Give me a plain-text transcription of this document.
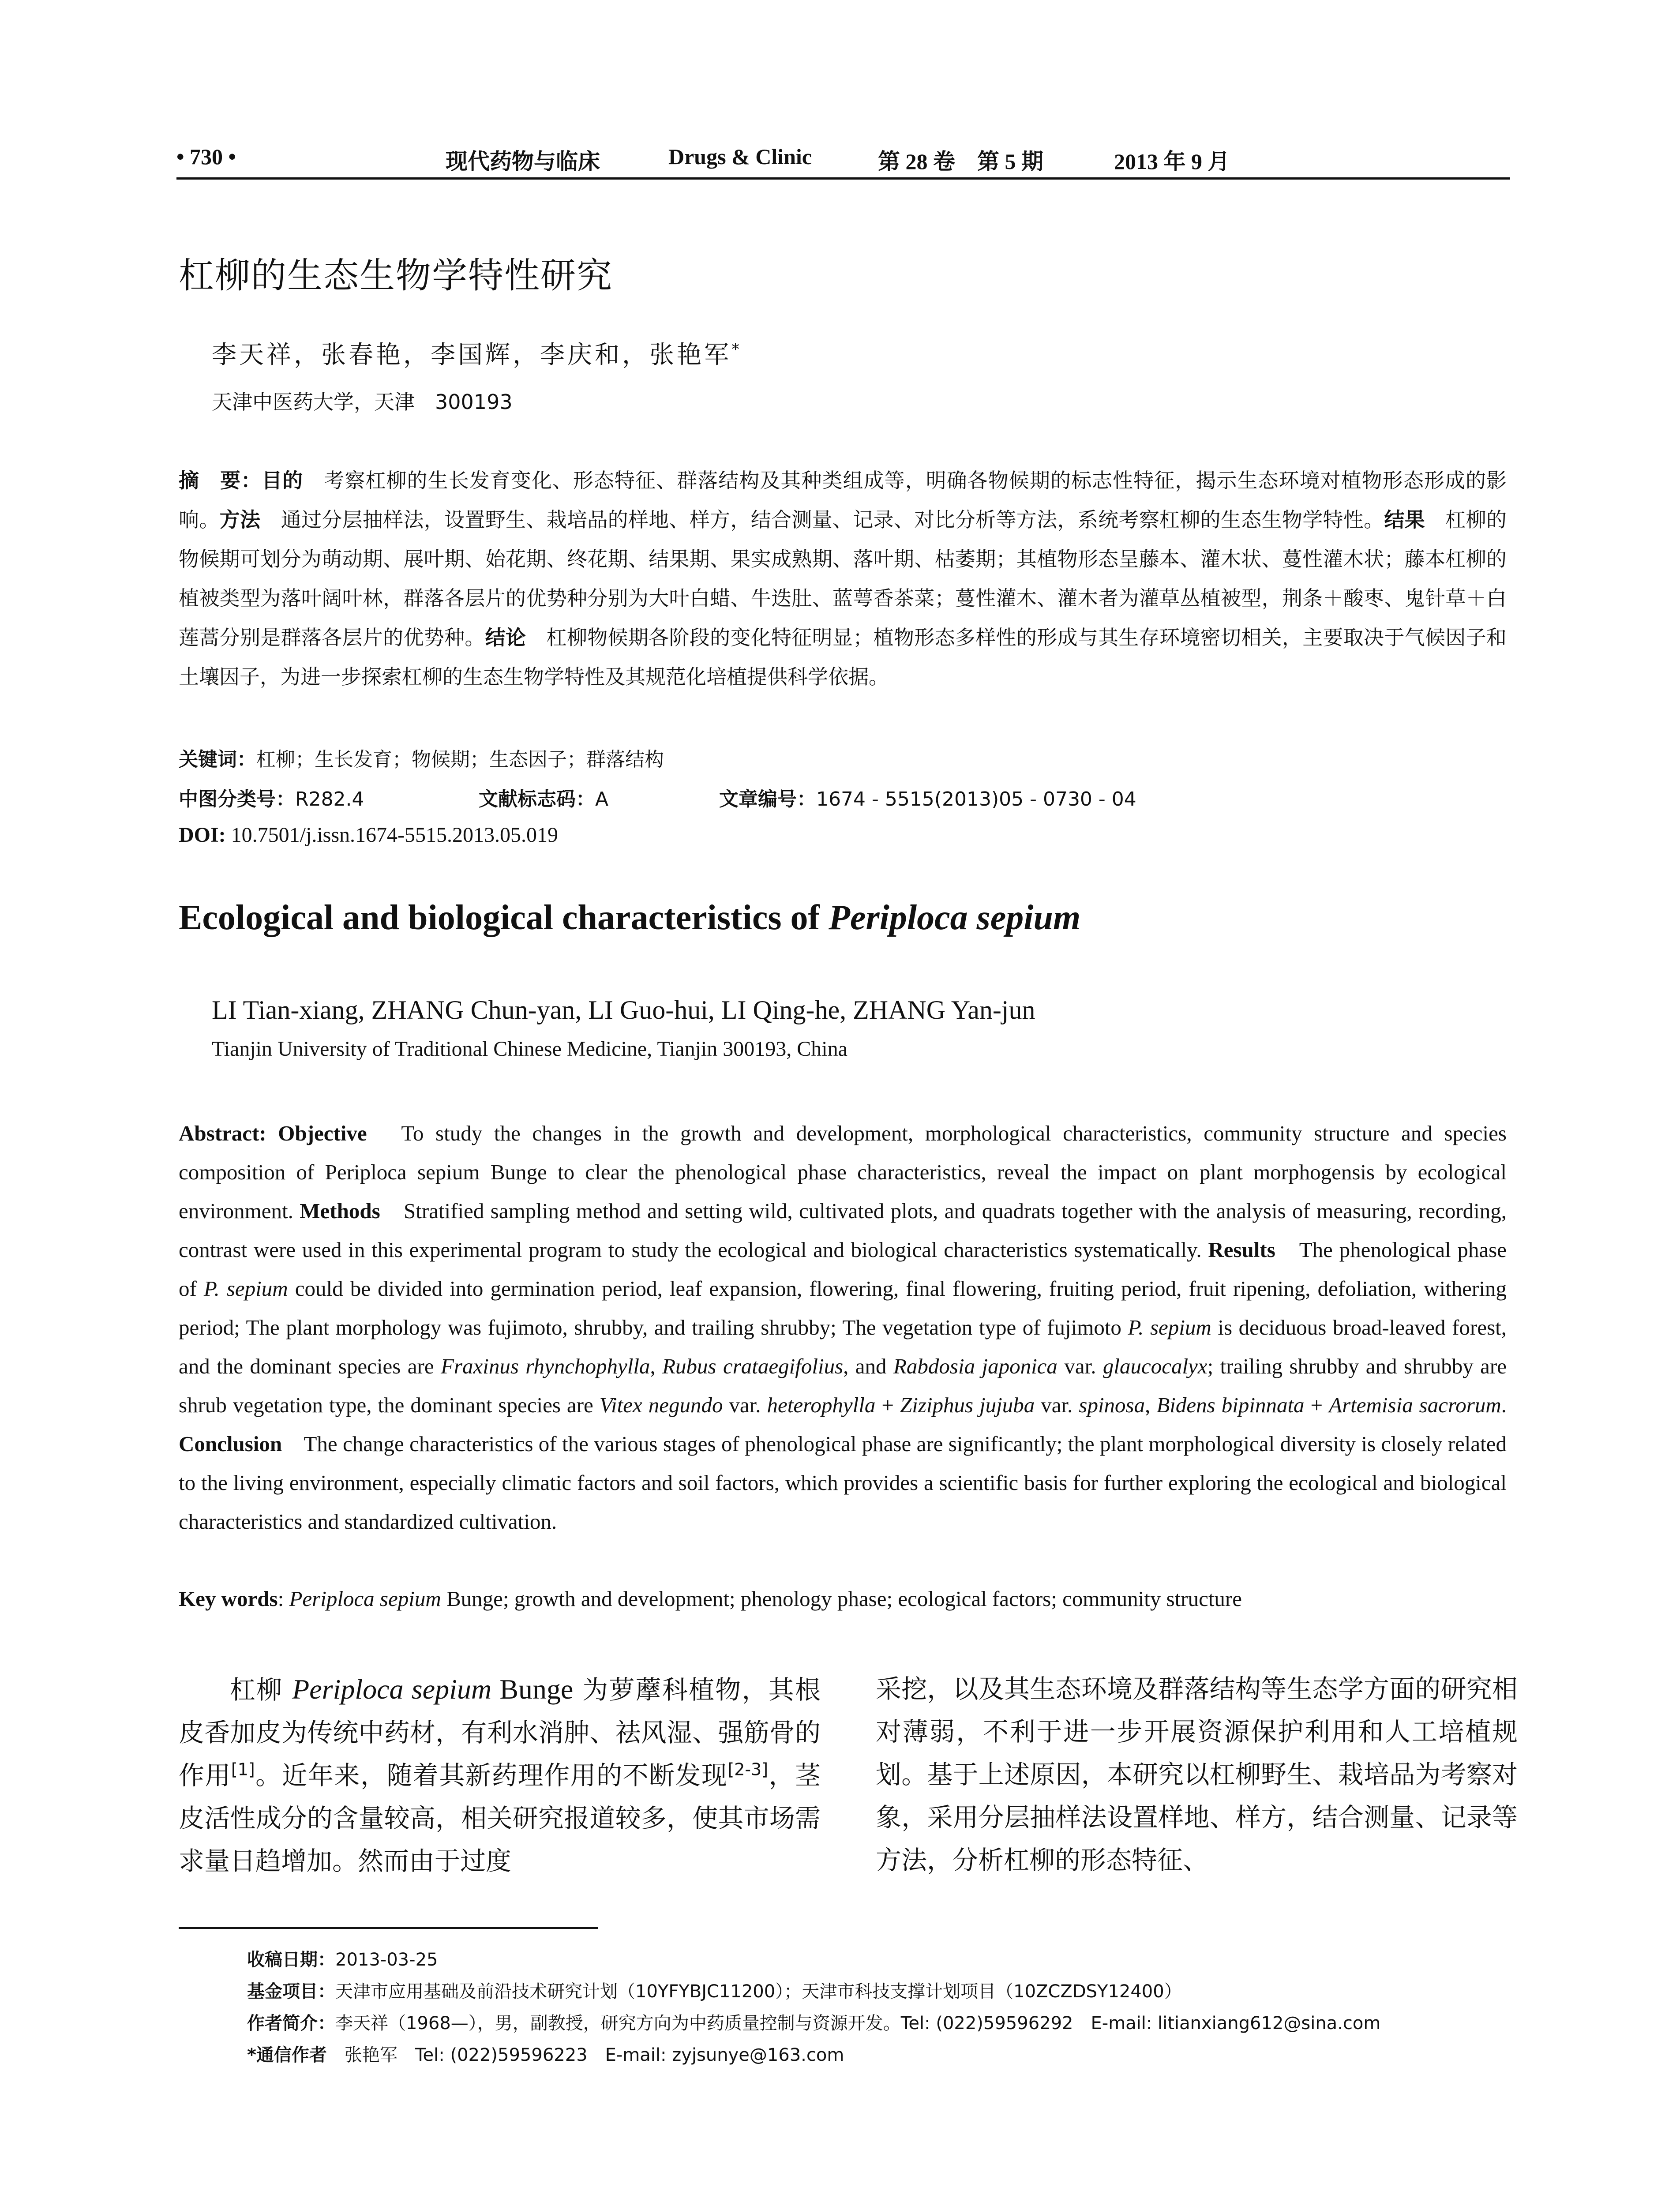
• 730 •	现代药物与临床	Drugs & Clinic	第 28 卷　第 5 期	2013 年 9 月
杠柳的生态生物学特性研究
李天祥，张春艳，李国辉，李庆和，张艳军*
天津中医药大学，天津　300193
摘　要：目的　考察杠柳的生长发育变化、形态特征、群落结构及其种类组成等，明确各物候期的标志性特征，揭示生态环境对植物形态形成的影响。方法　通过分层抽样法，设置野生、栽培品的样地、样方，结合测量、记录、对比分析等方法，系统考察杠柳的生态生物学特性。结果　杠柳的物候期可划分为萌动期、展叶期、始花期、终花期、结果期、果实成熟期、落叶期、枯萎期；其植物形态呈藤本、灌木状、蔓性灌木状；藤本杠柳的植被类型为落叶阔叶林，群落各层片的优势种分别为大叶白蜡、牛迭肚、蓝萼香茶菜；蔓性灌木、灌木者为灌草丛植被型，荆条＋酸枣、鬼针草＋白莲蒿分别是群落各层片的优势种。结论　杠柳物候期各阶段的变化特征明显；植物形态多样性的形成与其生存环境密切相关，主要取决于气候因子和土壤因子，为进一步探索杠柳的生态生物学特性及其规范化培植提供科学依据。
关键词：杠柳；生长发育；物候期；生态因子；群落结构
中图分类号：R282.4	文献标志码：A	文章编号：1674 - 5515(2013)05 - 0730 - 04
DOI: 10.7501/j.issn.1674-5515.2013.05.019
Ecological and biological characteristics of Periploca sepium
LI Tian-xiang, ZHANG Chun-yan, LI Guo-hui, LI Qing-he, ZHANG Yan-jun
Tianjin University of Traditional Chinese Medicine, Tianjin 300193, China
Abstract: Objective　To study the changes in the growth and development, morphological characteristics, community structure and species composition of Periploca sepium Bunge to clear the phenological phase characteristics, reveal the impact on plant morphogensis by ecological environment. Methods　Stratified sampling method and setting wild, cultivated plots, and quadrats together with the analysis of measuring, recording, contrast were used in this experimental program to study the ecological and biological characteristics systematically. Results　The phenological phase of P. sepium could be divided into germination period, leaf expansion, flowering, final flowering, fruiting period, fruit ripening, defoliation, withering period; The plant morphology was fujimoto, shrubby, and trailing shrubby; The vegetation type of fujimoto P. sepium is deciduous broad-leaved forest, and the dominant species are Fraxinus rhynchophylla, Rubus crataegifolius, and Rabdosia japonica var. glaucocalyx; trailing shrubby and shrubby are shrub vegetation type, the dominant species are Vitex negundo var. heterophylla + Ziziphus jujuba var. spinosa, Bidens bipinnata + Artemisia sacrorum. Conclusion　The change characteristics of the various stages of phenological phase are significantly; the plant morphological diversity is closely related to the living environment, especially climatic factors and soil factors, which provides a scientific basis for further exploring the ecological and biological characteristics and standardized cultivation.
Key words: Periploca sepium Bunge; growth and development; phenology phase; ecological factors; community structure
杠柳 Periploca sepium Bunge 为萝藦科植物，其根皮香加皮为传统中药材，有利水消肿、祛风湿、强筋骨的作用[1]。近年来，随着其新药理作用的不断发现[2-3]，茎皮活性成分的含量较高，相关研究报道较多，使其市场需求量日趋增加。然而由于过度
采挖，以及其生态环境及群落结构等生态学方面的研究相对薄弱，不利于进一步开展资源保护利用和人工培植规划。基于上述原因，本研究以杠柳野生、栽培品为考察对象，采用分层抽样法设置样地、样方，结合测量、记录等方法，分析杠柳的形态特征、
收稿日期：2013-03-25
基金项目：天津市应用基础及前沿技术研究计划（10YFYBJC11200）；天津市科技支撑计划项目（10ZCZDSY12400）
作者简介：李天祥（1968—），男，副教授，研究方向为中药质量控制与资源开发。Tel: (022)59596292　E-mail: litianxiang612@sina.com
*通信作者　张艳军　Tel: (022)59596223　E-mail: zyjsunye@163.com
